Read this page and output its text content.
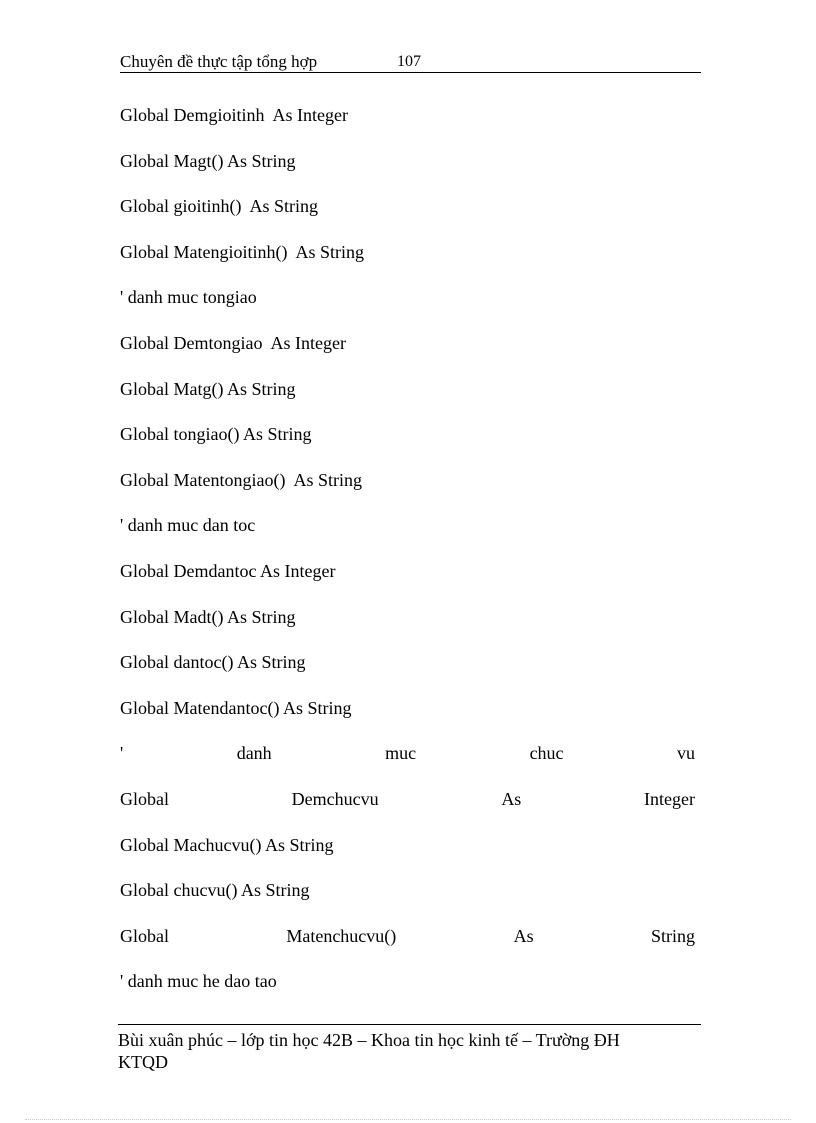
Chuyên đề thực tập tổng hợp	107
Global Demgioitinh  As Integer
Global Magt() As String
Global gioitinh()  As String
Global Matengioitinh()  As String
' danh muc tongiao
Global Demtongiao  As Integer
Global Matg() As String
Global tongiao() As String
Global Matentongiao()  As String
' danh muc dan toc
Global Demdantoc As Integer
Global Madt() As String
Global dantoc() As String
Global Matendantoc() As String
'	danh	muc	chuc	vu
Global	Demchucvu	As	Integer
Global Machucvu() As String
Global chucvu() As String
Global	Matenchucvu()	As	String
' danh muc he dao tao
Bùi xuân phúc – lớp tin học 42B – Khoa tin học kinh tế – Trường ĐH
KTQD
